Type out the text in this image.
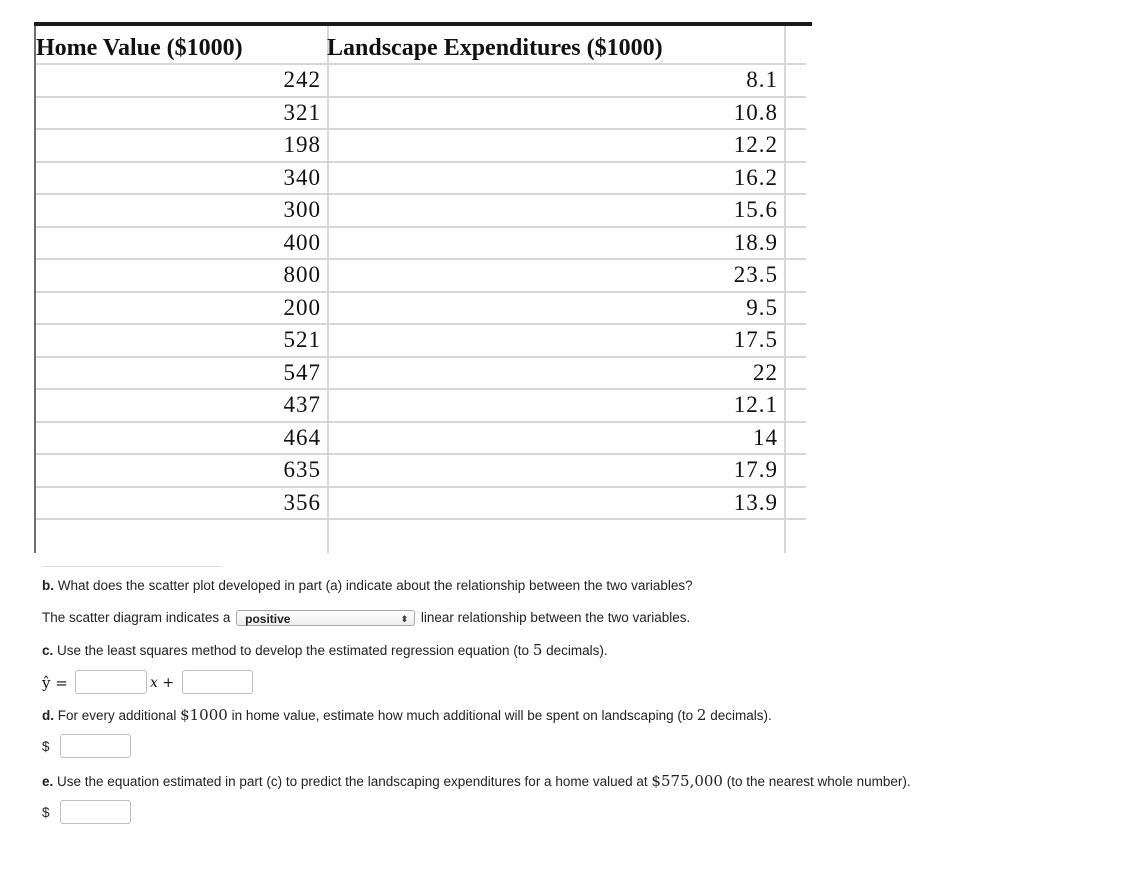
Home Value ($1000)	Landscape Expenditures ($1000)	
242	8.1	
321	10.8	
198	12.2	
340	16.2	
300	15.6	
400	18.9	
800	23.5	
200	9.5	
521	17.5	
547	22	
437	12.1	
464	14	
635	17.9	
356	13.9	

b. What does the scatter plot developed in part (a) indicate about the relationship between the two variables?
The scatter diagram indicates a positive	⬍ linear relationship between the two variables.
c. Use the least squares method to develop the estimated regression equation (to 5 decimals).
ŷ =	x +
d. For every additional $1000 in home value, estimate how much additional will be spent on landscaping (to 2 decimals).
$
e. Use the equation estimated in part (c) to predict the landscaping expenditures for a home valued at $575,000 (to the nearest whole number).
$
